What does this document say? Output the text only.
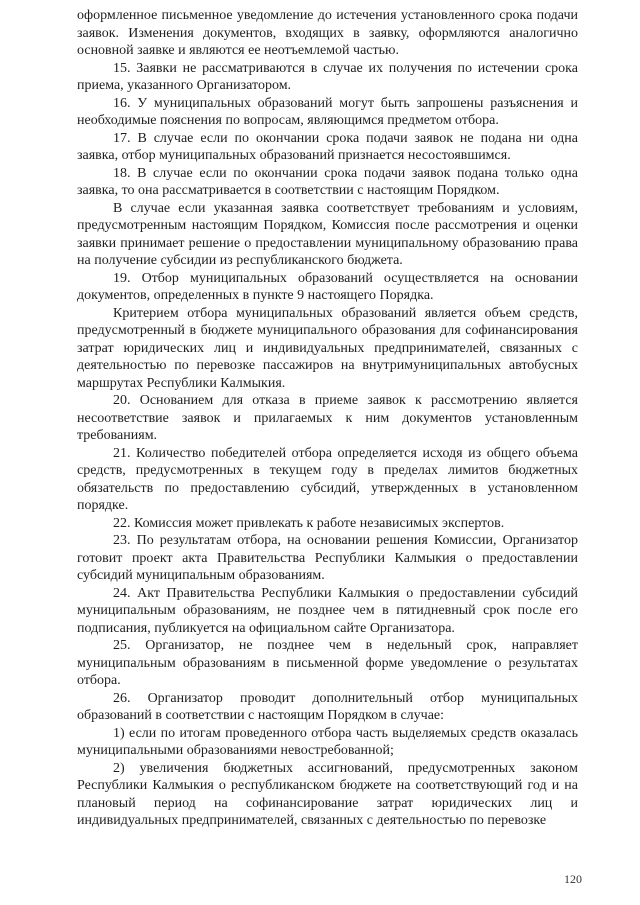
оформленное письменное уведомление до истечения установленного срока подачи заявок. Изменения документов, входящих в заявку, оформляются аналогично основной заявке и являются ее неотъемлемой частью.

15. Заявки не рассматриваются в случае их получения по истечении срока приема, указанного Организатором.

16. У муниципальных образований могут быть запрошены разъяснения и необходимые пояснения по вопросам, являющимся предметом отбора.

17. В случае если по окончании срока подачи заявок не подана ни одна заявка, отбор муниципальных образований признается несостоявшимся.

18. В случае если по окончании срока подачи заявок подана только одна заявка, то она рассматривается в соответствии с настоящим Порядком.

В случае если указанная заявка соответствует требованиям и условиям, предусмотренным настоящим Порядком, Комиссия после рассмотрения и оценки заявки принимает решение о предоставлении муниципальному образованию права на получение субсидии из республиканского бюджета.

19. Отбор муниципальных образований осуществляется на основании документов, определенных в пункте 9 настоящего Порядка.

Критерием отбора муниципальных образований является объем средств, предусмотренный в бюджете муниципального образования для софинансирования затрат юридических лиц и индивидуальных предпринимателей, связанных с деятельностью по перевозке пассажиров на внутримуниципальных автобусных маршрутах Республики Калмыкия.

20. Основанием для отказа в приеме заявок к рассмотрению является несоответствие заявок и прилагаемых к ним документов установленным требованиям.

21. Количество победителей отбора определяется исходя из общего объема средств, предусмотренных в текущем году в пределах лимитов бюджетных обязательств по предоставлению субсидий, утвержденных в установленном порядке.

22. Комиссия может привлекать к работе независимых экспертов.

23. По результатам отбора, на основании решения Комиссии, Организатор готовит проект акта Правительства Республики Калмыкия о предоставлении субсидий муниципальным образованиям.

24. Акт Правительства Республики Калмыкия о предоставлении субсидий муниципальным образованиям, не позднее чем в пятидневный срок после его подписания, публикуется на официальном сайте Организатора.

25. Организатор, не позднее чем в недельный срок, направляет муниципальным образованиям в письменной форме уведомление о результатах отбора.

26. Организатор проводит дополнительный отбор муниципальных образований в соответствии с настоящим Порядком в случае:

1) если по итогам проведенного отбора часть выделяемых средств оказалась муниципальными образованиями невостребованной;

2) увеличения бюджетных ассигнований, предусмотренных законом Республики Калмыкия о республиканском бюджете на соответствующий год и на плановый период на софинансирование затрат юридических лиц и индивидуальных предпринимателей, связанных с деятельностью по перевозке

120
